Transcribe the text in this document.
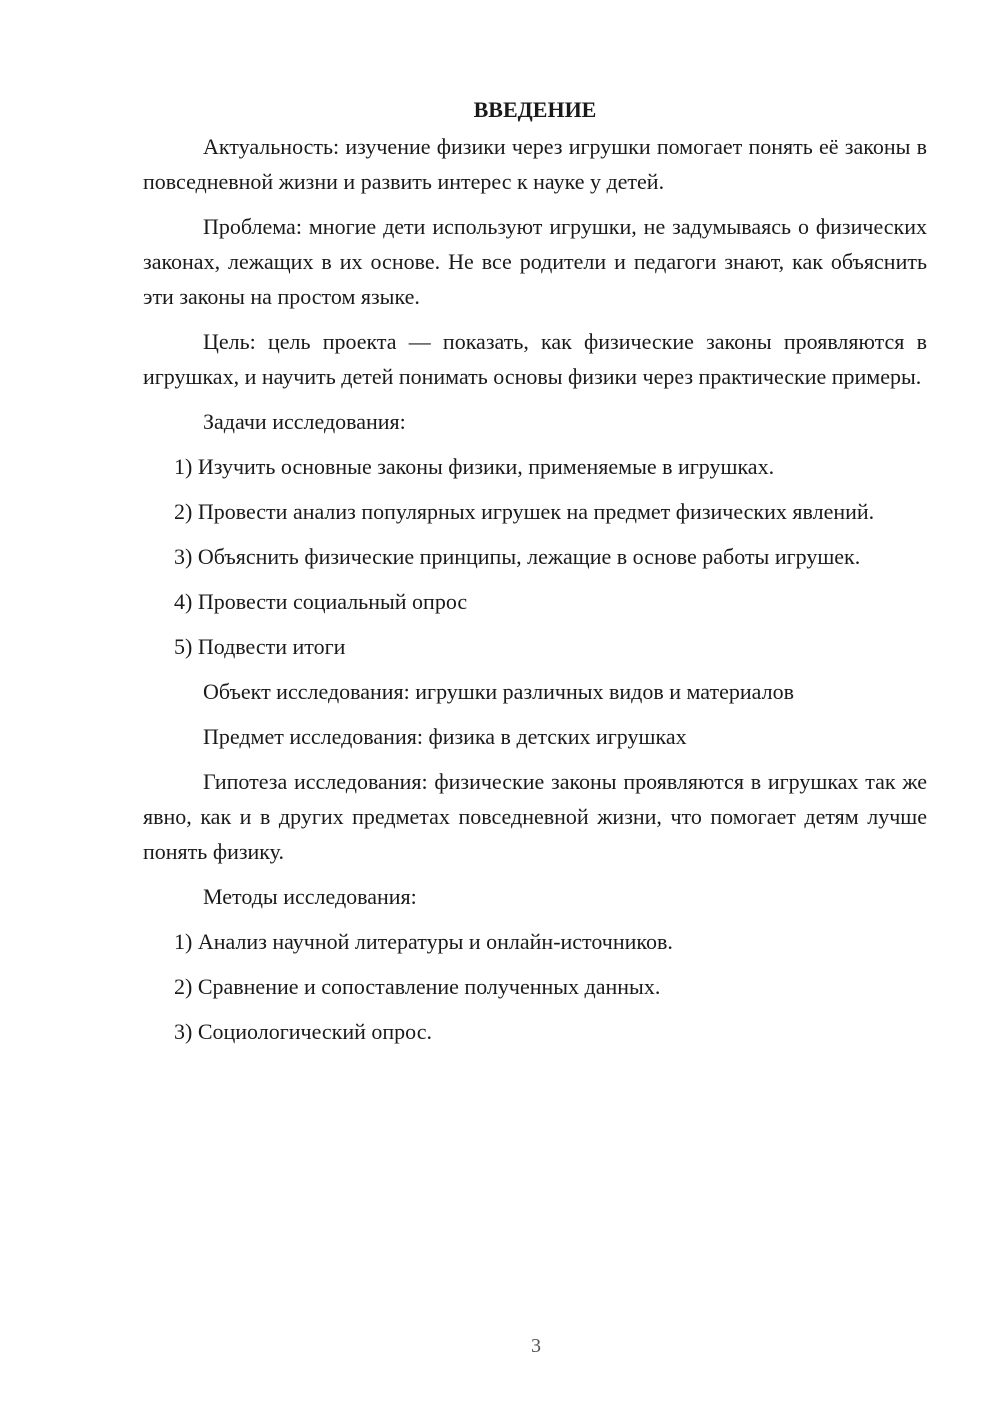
ВВЕДЕНИЕ

Актуальность: изучение физики через игрушки помогает понять её законы в повседневной жизни и развить интерес к науке у детей.

Проблема: многие дети используют игрушки, не задумываясь о физических законах, лежащих в их основе. Не все родители и педагоги знают, как объяснить эти законы на простом языке.

Цель: цель проекта — показать, как физические законы проявляются в игрушках, и научить детей понимать основы физики через практические примеры.

Задачи исследования:

1) Изучить основные законы физики, применяемые в игрушках.

2) Провести анализ популярных игрушек на предмет физических явлений.

3) Объяснить физические принципы, лежащие в основе работы игрушек.

4) Провести социальный опрос

5) Подвести итоги

Объект исследования: игрушки различных видов и материалов

Предмет исследования: физика в детских игрушках

Гипотеза исследования: физические законы проявляются в игрушках так же явно, как и в других предметах повседневной жизни, что помогает детям лучше понять физику.

Методы исследования:

1) Анализ научной литературы и онлайн-источников.

2) Сравнение и сопоставление полученных данных.

3) Социологический опрос.

3
